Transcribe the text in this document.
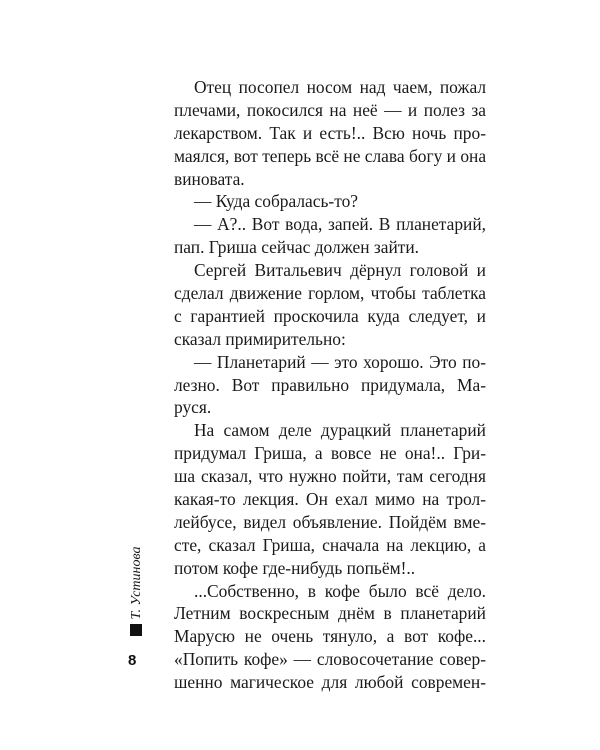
Отец посопел носом над чаем, пожал
плечами, покосился на неё — и полез за
лекарством. Так и есть!.. Всю ночь про-
маялся, вот теперь всё не слава богу и она
виновата.
— Куда собралась-то?
— А?.. Вот вода, запей. В планетарий,
пап. Гриша сейчас должен зайти.
Сергей Витальевич дёрнул головой и
сделал движение горлом, чтобы таблетка
с гарантией проскочила куда следует, и
сказал примирительно:
— Планетарий — это хорошо. Это по-
лезно. Вот правильно придумала, Ма-
руся.
На самом деле дурацкий планетарий
придумал Гриша, а вовсе не она!.. Гри-
ша сказал, что нужно пойти, там сегодня
какая-то лекция. Он ехал мимо на трол-
лейбусе, видел объявление. Пойдём вме-
сте, сказал Гриша, сначала на лекцию, а
потом кофе где-нибудь попьём!..
...Собственно, в кофе было всё дело.
Летним воскресным днём в планетарий
Марусю не очень тянуло, а вот кофе...
«Попить кофе» — словосочетание совер-
шенно магическое для любой современ-
Т. Устинова
8
